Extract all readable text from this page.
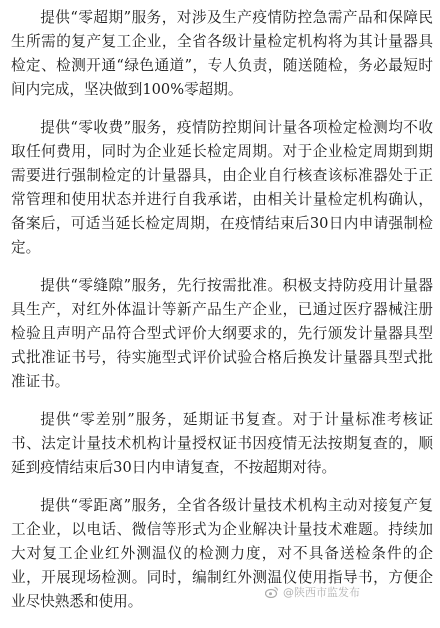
提供“零超期”服务，对涉及生产疫情防控急需产品和保障民生所需的复产复工企业，全省各级计量检定机构将为其计量器具检定、检测开通“绿色通道”，专人负责，随送随检，务必最短时间内完成，坚决做到100%零超期。

提供“零收费”服务，疫情防控期间计量各项检定检测均不收取任何费用，同时为企业延长检定周期。对于企业检定周期到期需要进行强制检定的计量器具，由企业自行核查该标准器处于正常管理和使用状态并进行自我承诺，由相关计量检定机构确认，备案后，可适当延长检定周期，在疫情结束后30日内申请强制检定。

提供“零缝隙”服务，先行按需批准。积极支持防疫用计量器具生产，对红外体温计等新产品生产企业，已通过医疗器械注册检验且声明产品符合型式评价大纲要求的，先行颁发计量器具型式批准证书号，待实施型式评价试验合格后换发计量器具型式批准证书。

提供“零差别”服务，延期证书复查。对于计量标准考核证书、法定计量技术机构计量授权证书因疫情无法按期复查的，顺延到疫情结束后30日内申请复查，不按超期对待。

提供“零距离”服务，全省各级计量技术机构主动对接复产复工企业，以电话、微信等形式为企业解决计量技术难题。持续加大对复工企业红外测温仪的检测力度，对不具备送检条件的企业，开展现场检测。同时，编制红外测温仪使用指导书，方便企业尽快熟悉和使用。

@陕西市监发布
